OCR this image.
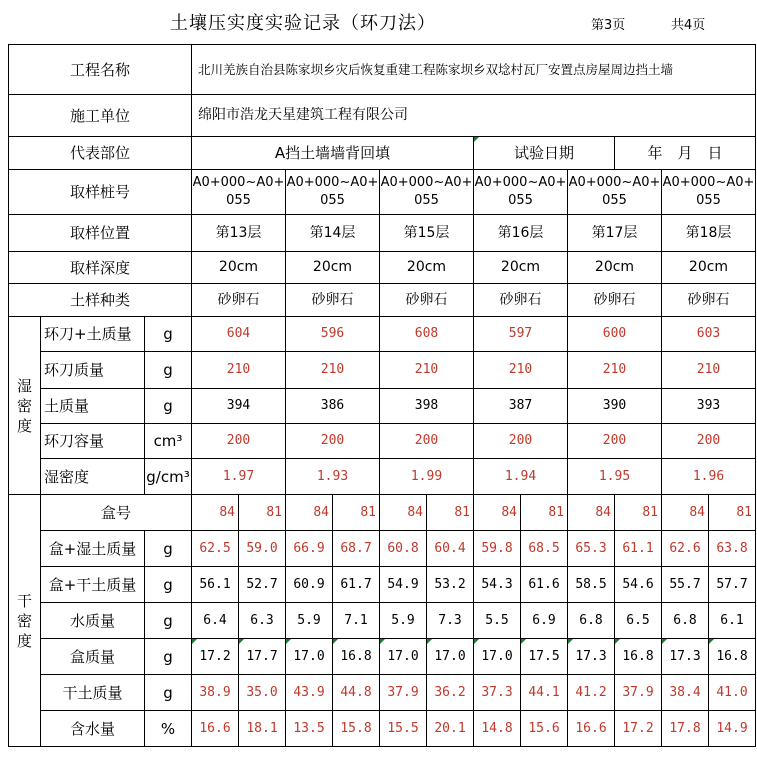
土壤压实度实验记录（环刀法）	第3页	共4页
工程名称			北川羌族自治县陈家坝乡灾后恢复重建工程陈家坝乡双埝村瓦厂安置点房屋周边挡土墙											
施工单位			绵阳市浩龙天星建筑工程有限公司											
代表部位			A挡土墙墙背回填						试验日期			年　月　日		
取样桩号			A0+000~A0+055		A0+000~A0+055		A0+000~A0+055		A0+000~A0+055		A0+000~A0+055		A0+000~A0+055	
取样位置			第13层		第14层		第15层		第16层		第17层		第18层	
取样深度			20cm		20cm		20cm		20cm		20cm		20cm	
土样种类			砂卵石		砂卵石		砂卵石		砂卵石		砂卵石		砂卵石	

湿密度	环刀+土质量	g	604		596		608		597		600		603	
	环刀质量	g	210		210		210		210		210		210	
	土质量	g	394		386		398		387		390		393	
	环刀容量	cm³	200		200		200		200		200		200	
	湿密度	g/cm³	1.97		1.93		1.99		1.94		1.95		1.96	

干密度	盒号		84	81	84	81	84	81	84	81	84	81	84	81
	盒+湿土质量	g	62.5	59.0	66.9	68.7	60.8	60.4	59.8	68.5	65.3	61.1	62.6	63.8
	盒+干土质量	g	56.1	52.7	60.9	61.7	54.9	53.2	54.3	61.6	58.5	54.6	55.7	57.7
	水质量	g	6.4	6.3	5.9	7.1	5.9	7.3	5.5	6.9	6.8	6.5	6.8	6.1
	盒质量	g	17.2	17.7	17.0	16.8	17.0	17.0	17.0	17.5	17.3	16.8	17.3	16.8
	干土质量	g	38.9	35.0	43.9	44.8	37.9	36.2	37.3	44.1	41.2	37.9	38.4	41.0
	含水量	%	16.6	18.1	13.5	15.8	15.5	20.1	14.8	15.6	16.6	17.2	17.8	14.9
